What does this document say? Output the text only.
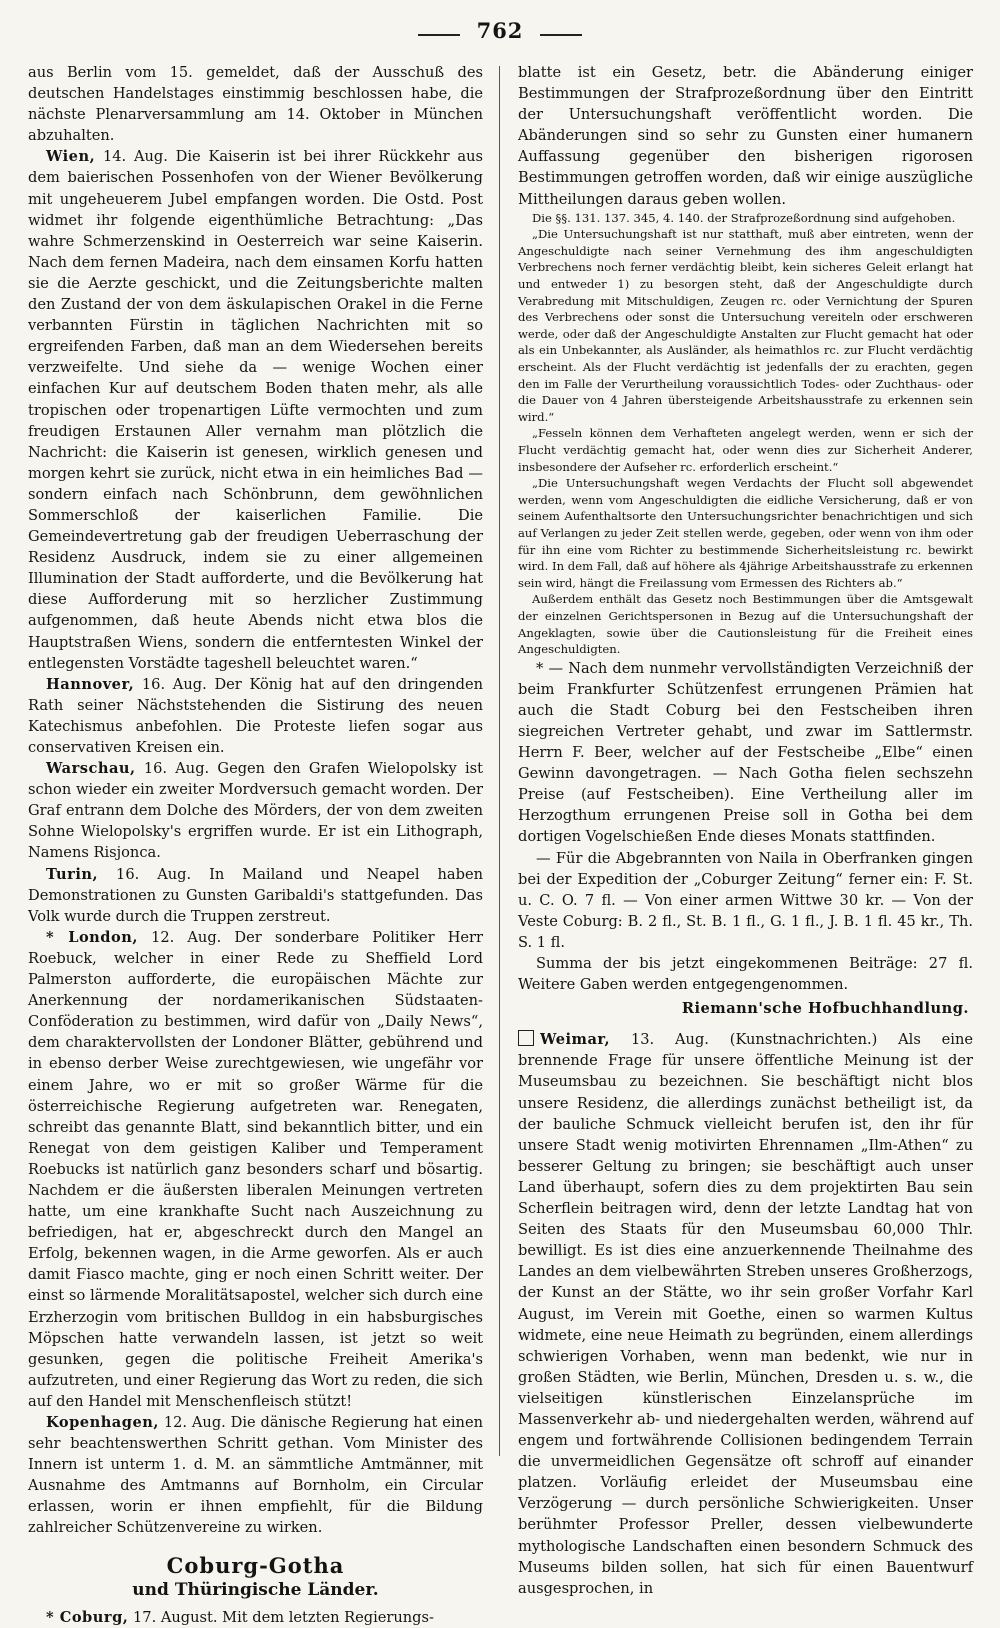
762

aus Berlin vom 15. gemeldet, daß der Ausschuß des deutschen Handelstages einstimmig beschlossen habe, die nächste Plenarversammlung am 14. Oktober in München abzuhalten.

Wien, 14. Aug. Die Kaiserin ist bei ihrer Rückkehr aus dem baierischen Possenhofen von der Wiener Bevölkerung mit ungeheuerem Jubel empfangen worden. Die Ostd. Post widmet ihr folgende eigenthümliche Betrachtung: „Das wahre Schmerzenskind in Oesterreich war seine Kaiserin. Nach dem fernen Madeira, nach dem einsamen Korfu hatten sie die Aerzte geschickt, und die Zeitungsberichte malten den Zustand der von dem äskulapischen Orakel in die Ferne verbannten Fürstin in täglichen Nachrichten mit so ergreifenden Farben, daß man an dem Wiedersehen bereits verzweifelte. Und siehe da — wenige Wochen einer einfachen Kur auf deutschem Boden thaten mehr, als alle tropischen oder tropenartigen Lüfte vermochten und zum freudigen Erstaunen Aller vernahm man plötzlich die Nachricht: die Kaiserin ist genesen, wirklich genesen und morgen kehrt sie zurück, nicht etwa in ein heimliches Bad — sondern einfach nach Schönbrunn, dem gewöhnlichen Sommerschloß der kaiserlichen Familie. Die Gemeindevertretung gab der freudigen Ueberraschung der Residenz Ausdruck, indem sie zu einer allgemeinen Illumination der Stadt aufforderte, und die Bevölkerung hat diese Aufforderung mit so herzlicher Zustimmung aufgenommen, daß heute Abends nicht etwa blos die Hauptstraßen Wiens, sondern die entferntesten Winkel der entlegensten Vorstädte tageshell beleuchtet waren.“

Hannover, 16. Aug. Der König hat auf den dringenden Rath seiner Nächststehenden die Sistirung des neuen Katechismus anbefohlen. Die Proteste liefen sogar aus conservativen Kreisen ein.

Warschau, 16. Aug. Gegen den Grafen Wielopolsky ist schon wieder ein zweiter Mordversuch gemacht worden. Der Graf entrann dem Dolche des Mörders, der von dem zweiten Sohne Wielopolsky's ergriffen wurde. Er ist ein Lithograph, Namens Risjonca.

Turin, 16. Aug. In Mailand und Neapel haben Demonstrationen zu Gunsten Garibaldi's stattgefunden. Das Volk wurde durch die Truppen zerstreut.

* London, 12. Aug. Der sonderbare Politiker Herr Roebuck, welcher in einer Rede zu Sheffield Lord Palmerston aufforderte, die europäischen Mächte zur Anerkennung der nordamerikanischen Südstaaten-Conföderation zu bestimmen, wird dafür von „Daily News“, dem charaktervollsten der Londoner Blätter, gebührend und in ebenso derber Weise zurechtgewiesen, wie ungefähr vor einem Jahre, wo er mit so großer Wärme für die österreichische Regierung aufgetreten war. Renegaten, schreibt das genannte Blatt, sind bekanntlich bitter, und ein Renegat von dem geistigen Kaliber und Temperament Roebucks ist natürlich ganz besonders scharf und bösartig. Nachdem er die äußersten liberalen Meinungen vertreten hatte, um eine krankhafte Sucht nach Auszeichnung zu befriedigen, hat er, abgeschreckt durch den Mangel an Erfolg, bekennen wagen, in die Arme geworfen. Als er auch damit Fiasco machte, ging er noch einen Schritt weiter. Der einst so lärmende Moralitätsapostel, welcher sich durch eine Erzherzogin vom britischen Bulldog in ein habsburgisches Möpschen hatte verwandeln lassen, ist jetzt so weit gesunken, gegen die politische Freiheit Amerika's aufzutreten, und einer Regierung das Wort zu reden, die sich auf den Handel mit Menschenfleisch stützt!

Kopenhagen, 12. Aug. Die dänische Regierung hat einen sehr beachtenswerthen Schritt gethan. Vom Minister des Innern ist unterm 1. d. M. an sämmtliche Amtmänner, mit Ausnahme des Amtmanns auf Bornholm, ein Circular erlassen, worin er ihnen empfiehlt, für die Bildung zahlreicher Schützenvereine zu wirken.

Coburg-Gotha
und Thüringische Länder.

* Coburg, 17. August. Mit dem letzten Regierungs-

blatte ist ein Gesetz, betr. die Abänderung einiger Bestimmungen der Strafprozeßordnung über den Eintritt der Untersuchungshaft veröffentlicht worden. Die Abänderungen sind so sehr zu Gunsten einer humanern Auffassung gegenüber den bisherigen rigorosen Bestimmungen getroffen worden, daß wir einige auszügliche Mittheilungen daraus geben wollen.

Die §§. 131. 137. 345, 4. 140. der Strafprozeßordnung sind aufgehoben.

„Die Untersuchungshaft ist nur statthaft, muß aber eintreten, wenn der Angeschuldigte nach seiner Vernehmung des ihm angeschuldigten Verbrechens noch ferner verdächtig bleibt, kein sicheres Geleit erlangt hat und entweder 1) zu besorgen steht, daß der Angeschuldigte durch Verabredung mit Mitschuldigen, Zeugen rc. oder Vernichtung der Spuren des Verbrechens oder sonst die Untersuchung vereiteln oder erschweren werde, oder daß der Angeschuldigte Anstalten zur Flucht gemacht hat oder als ein Unbekannter, als Ausländer, als heimathlos rc. zur Flucht verdächtig erscheint. Als der Flucht verdächtig ist jedenfalls der zu erachten, gegen den im Falle der Verurtheilung voraussichtlich Todes- oder Zuchthaus- oder die Dauer von 4 Jahren übersteigende Arbeitshausstrafe zu erkennen sein wird.“

„Fesseln können dem Verhafteten angelegt werden, wenn er sich der Flucht verdächtig gemacht hat, oder wenn dies zur Sicherheit Anderer, insbesondere der Aufseher rc. erforderlich erscheint.“

„Die Untersuchungshaft wegen Verdachts der Flucht soll abgewendet werden, wenn vom Angeschuldigten die eidliche Versicherung, daß er von seinem Aufenthaltsorte den Untersuchungsrichter benachrichtigen und sich auf Verlangen zu jeder Zeit stellen werde, gegeben, oder wenn von ihm oder für ihn eine vom Richter zu bestimmende Sicherheitsleistung rc. bewirkt wird. In dem Fall, daß auf höhere als 4jährige Arbeitshausstrafe zu erkennen sein wird, hängt die Freilassung vom Ermessen des Richters ab.“

Außerdem enthält das Gesetz noch Bestimmungen über die Amtsgewalt der einzelnen Gerichtspersonen in Bezug auf die Untersuchungshaft der Angeklagten, sowie über die Cautionsleistung für die Freiheit eines Angeschuldigten.

* — Nach dem nunmehr vervollständigten Verzeichniß der beim Frankfurter Schützenfest errungenen Prämien hat auch die Stadt Coburg bei den Festscheiben ihren siegreichen Vertreter gehabt, und zwar im Sattlermstr. Herrn F. Beer, welcher auf der Festscheibe „Elbe“ einen Gewinn davongetragen. — Nach Gotha fielen sechszehn Preise (auf Festscheiben). Eine Vertheilung aller im Herzogthum errungenen Preise soll in Gotha bei dem dortigen Vogelschießen Ende dieses Monats stattfinden.

— Für die Abgebrannten von Naila in Oberfranken gingen bei der Expedition der „Coburger Zeitung“ ferner ein: F. St. u. C. O. 7 fl. — Von einer armen Wittwe 30 kr. — Von der Veste Coburg: B. 2 fl., St. B. 1 fl., G. 1 fl., J. B. 1 fl. 45 kr., Th. S. 1 fl.

Summa der bis jetzt eingekommenen Beiträge: 27 fl. Weitere Gaben werden entgegengenommen.

Riemann'sche Hofbuchhandlung.

Weimar, 13. Aug. (Kunstnachrichten.) Als eine brennende Frage für unsere öffentliche Meinung ist der Museumsbau zu bezeichnen. Sie beschäftigt nicht blos unsere Residenz, die allerdings zunächst betheiligt ist, da der bauliche Schmuck vielleicht berufen ist, den ihr für unsere Stadt wenig motivirten Ehrennamen „Ilm-Athen“ zu besserer Geltung zu bringen; sie beschäftigt auch unser Land überhaupt, sofern dies zu dem projektirten Bau sein Scherflein beitragen wird, denn der letzte Landtag hat von Seiten des Staats für den Museumsbau 60,000 Thlr. bewilligt. Es ist dies eine anzuerkennende Theilnahme des Landes an dem vielbewährten Streben unseres Großherzogs, der Kunst an der Stätte, wo ihr sein großer Vorfahr Karl August, im Verein mit Goethe, einen so warmen Kultus widmete, eine neue Heimath zu begründen, einem allerdings schwierigen Vorhaben, wenn man bedenkt, wie nur in großen Städten, wie Berlin, München, Dresden u. s. w., die vielseitigen künstlerischen Einzelansprüche im Massenverkehr ab- und niedergehalten werden, während auf engem und fortwährende Collisionen bedingendem Terrain die unvermeidlichen Gegensätze oft schroff auf einander platzen. Vorläufig erleidet der Museumsbau eine Verzögerung — durch persönliche Schwierigkeiten. Unser berühmter Professor Preller, dessen vielbewunderte mythologische Landschaften einen besondern Schmuck des Museums bilden sollen, hat sich für einen Bauentwurf ausgesprochen, in
